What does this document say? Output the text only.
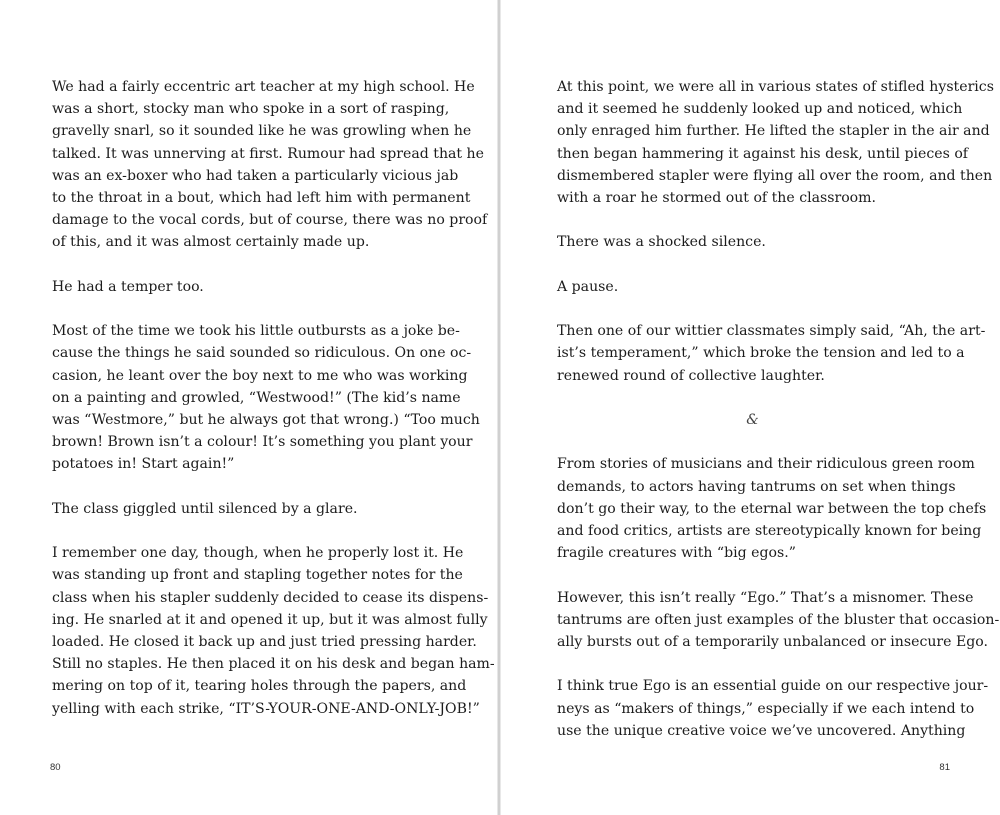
We had a fairly eccentric art teacher at my high school. He
was a short, stocky man who spoke in a sort of rasping,
gravelly snarl, so it sounded like he was growling when he
talked. It was unnerving at first. Rumour had spread that he
was an ex-boxer who had taken a particularly vicious jab
to the throat in a bout, which had left him with permanent
damage to the vocal cords, but of course, there was no proof
of this, and it was almost certainly made up.

He had a temper too.

Most of the time we took his little outbursts as a joke be-
cause the things he said sounded so ridiculous. On one oc-
casion, he leant over the boy next to me who was working
on a painting and growled, “Westwood!” (The kid’s name
was “Westmore,” but he always got that wrong.) “Too much
brown! Brown isn’t a colour! It’s something you plant your
potatoes in! Start again!”

The class giggled until silenced by a glare.

I remember one day, though, when he properly lost it. He
was standing up front and stapling together notes for the
class when his stapler suddenly decided to cease its dispens-
ing. He snarled at it and opened it up, but it was almost fully
loaded. He closed it back up and just tried pressing harder.
Still no staples. He then placed it on his desk and began ham-
mering on top of it, tearing holes through the papers, and
yelling with each strike, “IT’S-YOUR-ONE-AND-ONLY-JOB!”

80

At this point, we were all in various states of stifled hysterics
and it seemed he suddenly looked up and noticed, which
only enraged him further. He lifted the stapler in the air and
then began hammering it against his desk, until pieces of
dismembered stapler were flying all over the room, and then
with a roar he stormed out of the classroom.

There was a shocked silence.

A pause.

Then one of our wittier classmates simply said, “Ah, the art-
ist’s temperament,” which broke the tension and led to a
renewed round of collective laughter.

&

From stories of musicians and their ridiculous green room
demands, to actors having tantrums on set when things
don’t go their way, to the eternal war between the top chefs
and food critics, artists are stereotypically known for being
fragile creatures with “big egos.”

However, this isn’t really “Ego.” That’s a misnomer. These
tantrums are often just examples of the bluster that occasion-
ally bursts out of a temporarily unbalanced or insecure Ego.

I think true Ego is an essential guide on our respective jour-
neys as “makers of things,” especially if we each intend to
use the unique creative voice we’ve uncovered. Anything

81
